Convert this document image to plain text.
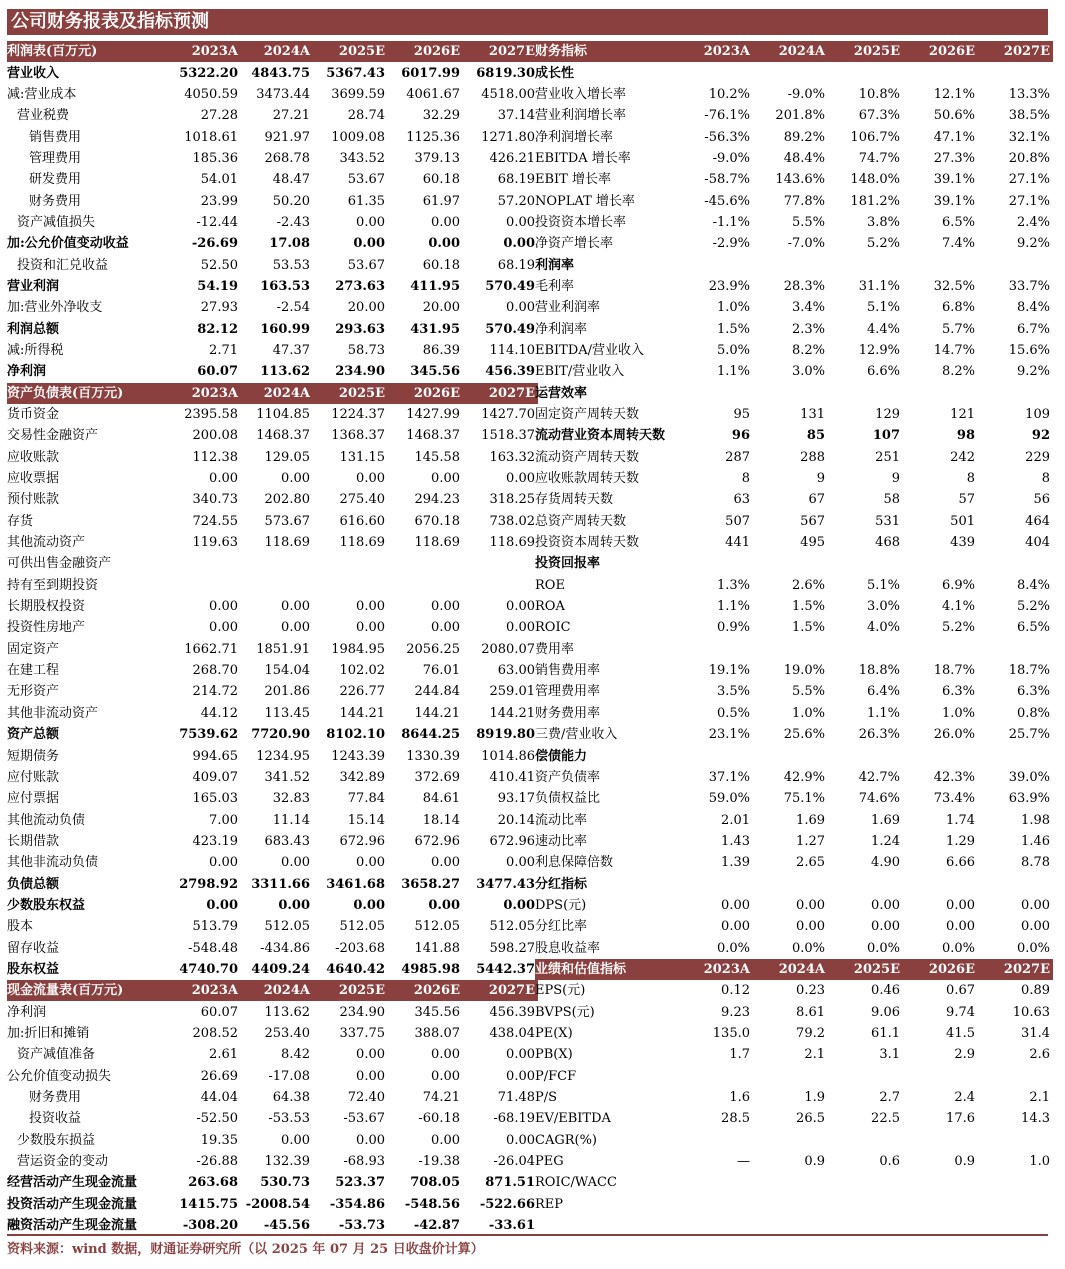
公司财务报表及指标预测
利润表(百万元)	2023A	2024A	2025E	2026E	2027E
营业收入	5322.20	4843.75	5367.43	6017.99	6819.30
减:营业成本	4050.59	3473.44	3699.59	4061.67	4518.00
营业税费	27.28	27.21	28.74	32.29	37.14
销售费用	1018.61	921.97	1009.08	1125.36	1271.80
管理费用	185.36	268.78	343.52	379.13	426.21
研发费用	54.01	48.47	53.67	60.18	68.19
财务费用	23.99	50.20	61.35	61.97	57.20
资产减值损失	-12.44	-2.43	0.00	0.00	0.00
加:公允价值变动收益	-26.69	17.08	0.00	0.00	0.00
投资和汇兑收益	52.50	53.53	53.67	60.18	68.19
营业利润	54.19	163.53	273.63	411.95	570.49
加:营业外净收支	27.93	-2.54	20.00	20.00	0.00
利润总额	82.12	160.99	293.63	431.95	570.49
减:所得税	2.71	47.37	58.73	86.39	114.10
净利润	60.07	113.62	234.90	345.56	456.39
资产负债表(百万元)	2023A	2024A	2025E	2026E	2027E
货币资金	2395.58	1104.85	1224.37	1427.99	1427.70
交易性金融资产	200.08	1468.37	1368.37	1468.37	1518.37
应收账款	112.38	129.05	131.15	145.58	163.32
应收票据	0.00	0.00	0.00	0.00	0.00
预付账款	340.73	202.80	275.40	294.23	318.25
存货	724.55	573.67	616.60	670.18	738.02
其他流动资产	119.63	118.69	118.69	118.69	118.69
可供出售金融资产					
持有至到期投资					
长期股权投资	0.00	0.00	0.00	0.00	0.00
投资性房地产	0.00	0.00	0.00	0.00	0.00
固定资产	1662.71	1851.91	1984.95	2056.25	2080.07
在建工程	268.70	154.04	102.02	76.01	63.00
无形资产	214.72	201.86	226.77	244.84	259.01
其他非流动资产	44.12	113.45	144.21	144.21	144.21
资产总额	7539.62	7720.90	8102.10	8644.25	8919.80
短期债务	994.65	1234.95	1243.39	1330.39	1014.86
应付账款	409.07	341.52	342.89	372.69	410.41
应付票据	165.03	32.83	77.84	84.61	93.17
其他流动负债	7.00	11.14	15.14	18.14	20.14
长期借款	423.19	683.43	672.96	672.96	672.96
其他非流动负债	0.00	0.00	0.00	0.00	0.00
负债总额	2798.92	3311.66	3461.68	3658.27	3477.43
少数股东权益	0.00	0.00	0.00	0.00	0.00
股本	513.79	512.05	512.05	512.05	512.05
留存收益	-548.48	-434.86	-203.68	141.88	598.27
股东权益	4740.70	4409.24	4640.42	4985.98	5442.37
现金流量表(百万元)	2023A	2024A	2025E	2026E	2027E
净利润	60.07	113.62	234.90	345.56	456.39
加:折旧和摊销	208.52	253.40	337.75	388.07	438.04
资产减值准备	2.61	8.42	0.00	0.00	0.00
公允价值变动损失	26.69	-17.08	0.00	0.00	0.00
财务费用	44.04	64.38	72.40	74.21	71.48
投资收益	-52.50	-53.53	-53.67	-60.18	-68.19
少数股东损益	19.35	0.00	0.00	0.00	0.00
营运资金的变动	-26.88	132.39	-68.93	-19.38	-26.04
经营活动产生现金流量	263.68	530.73	523.37	708.05	871.51
投资活动产生现金流量	1415.75	-2008.54	-354.86	-548.56	-522.66
融资活动产生现金流量	-308.20	-45.56	-53.73	-42.87	-33.61
财务指标	2023A	2024A	2025E	2026E	2027E
成长性					
营业收入增长率	10.2%	-9.0%	10.8%	12.1%	13.3%
营业利润增长率	-76.1%	201.8%	67.3%	50.6%	38.5%
净利润增长率	-56.3%	89.2%	106.7%	47.1%	32.1%
EBITDA 增长率	-9.0%	48.4%	74.7%	27.3%	20.8%
EBIT 增长率	-58.7%	143.6%	148.0%	39.1%	27.1%
NOPLAT 增长率	-45.6%	77.8%	181.2%	39.1%	27.1%
投资资本增长率	-1.1%	5.5%	3.8%	6.5%	2.4%
净资产增长率	-2.9%	-7.0%	5.2%	7.4%	9.2%
利润率					
毛利率	23.9%	28.3%	31.1%	32.5%	33.7%
营业利润率	1.0%	3.4%	5.1%	6.8%	8.4%
净利润率	1.5%	2.3%	4.4%	5.7%	6.7%
EBITDA/营业收入	5.0%	8.2%	12.9%	14.7%	15.6%
EBIT/营业收入	1.1%	3.0%	6.6%	8.2%	9.2%
运营效率					
固定资产周转天数	95	131	129	121	109
流动营业资本周转天数	96	85	107	98	92
流动资产周转天数	287	288	251	242	229
应收账款周转天数	8	9	9	8	8
存货周转天数	63	67	58	57	56
总资产周转天数	507	567	531	501	464
投资资本周转天数	441	495	468	439	404
投资回报率					
ROE	1.3%	2.6%	5.1%	6.9%	8.4%
ROA	1.1%	1.5%	3.0%	4.1%	5.2%
ROIC	0.9%	1.5%	4.0%	5.2%	6.5%
费用率					
销售费用率	19.1%	19.0%	18.8%	18.7%	18.7%
管理费用率	3.5%	5.5%	6.4%	6.3%	6.3%
财务费用率	0.5%	1.0%	1.1%	1.0%	0.8%
三费/营业收入	23.1%	25.6%	26.3%	26.0%	25.7%
偿债能力					
资产负债率	37.1%	42.9%	42.7%	42.3%	39.0%
负债权益比	59.0%	75.1%	74.6%	73.4%	63.9%
流动比率	2.01	1.69	1.69	1.74	1.98
速动比率	1.43	1.27	1.24	1.29	1.46
利息保障倍数	1.39	2.65	4.90	6.66	8.78
分红指标					
DPS(元)	0.00	0.00	0.00	0.00	0.00
分红比率	0.00	0.00	0.00	0.00	0.00
股息收益率	0.0%	0.0%	0.0%	0.0%	0.0%
业绩和估值指标	2023A	2024A	2025E	2026E	2027E
EPS(元)	0.12	0.23	0.46	0.67	0.89
BVPS(元)	9.23	8.61	9.06	9.74	10.63
PE(X)	135.0	79.2	61.1	41.5	31.4
PB(X)	1.7	2.1	3.1	2.9	2.6
P/FCF					
P/S	1.6	1.9	2.7	2.4	2.1
EV/EBITDA	28.5	26.5	22.5	17.6	14.3
CAGR(%)					
PEG	—	0.9	0.6	0.9	1.0
ROIC/WACC					
REP					
资料来源：wind 数据，财通证券研究所（以 2025 年 07 月 25 日收盘价计算）
